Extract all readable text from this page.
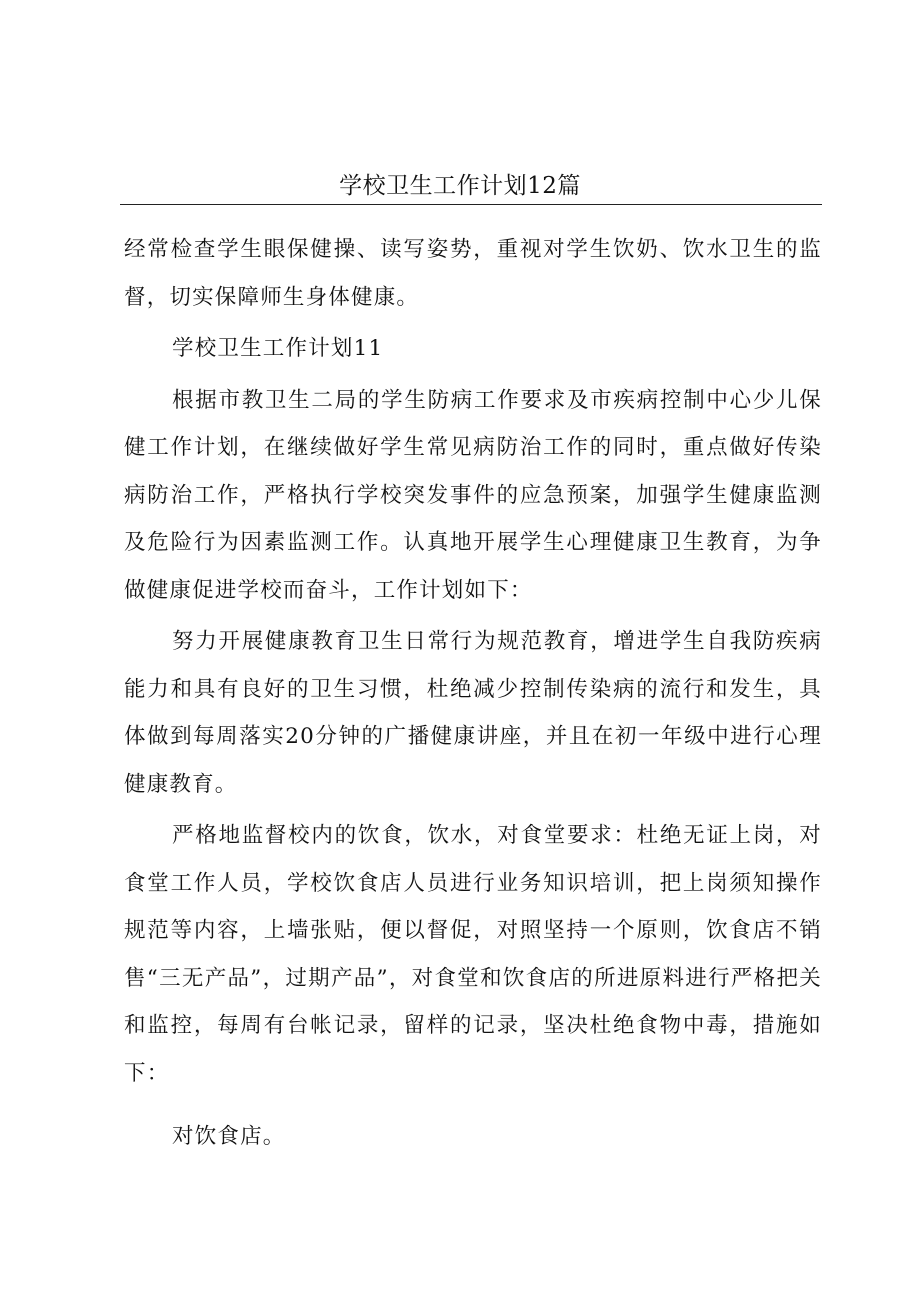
学校卫生工作计划12篇

经常检查学生眼保健操、读写姿势，重视对学生饮奶、饮水卫生的监督，切实保障师生身体健康。

学校卫生工作计划11

根据市教卫生二局的学生防病工作要求及市疾病控制中心少儿保健工作计划，在继续做好学生常见病防治工作的同时，重点做好传染病防治工作，严格执行学校突发事件的应急预案，加强学生健康监测及危险行为因素监测工作。认真地开展学生心理健康卫生教育，为争做健康促进学校而奋斗，工作计划如下：

努力开展健康教育卫生日常行为规范教育，增进学生自我防疾病能力和具有良好的卫生习惯，杜绝减少控制传染病的流行和发生，具体做到每周落实20分钟的广播健康讲座，并且在初一年级中进行心理健康教育。

严格地监督校内的饮食，饮水，对食堂要求：杜绝无证上岗，对食堂工作人员，学校饮食店人员进行业务知识培训，把上岗须知操作规范等内容，上墙张贴，便以督促，对照坚持一个原则，饮食店不销售“三无产品”，过期产品”，对食堂和饮食店的所进原料进行严格把关和监控，每周有台帐记录，留样的记录，坚决杜绝食物中毒，措施如下：

对饮食店。
